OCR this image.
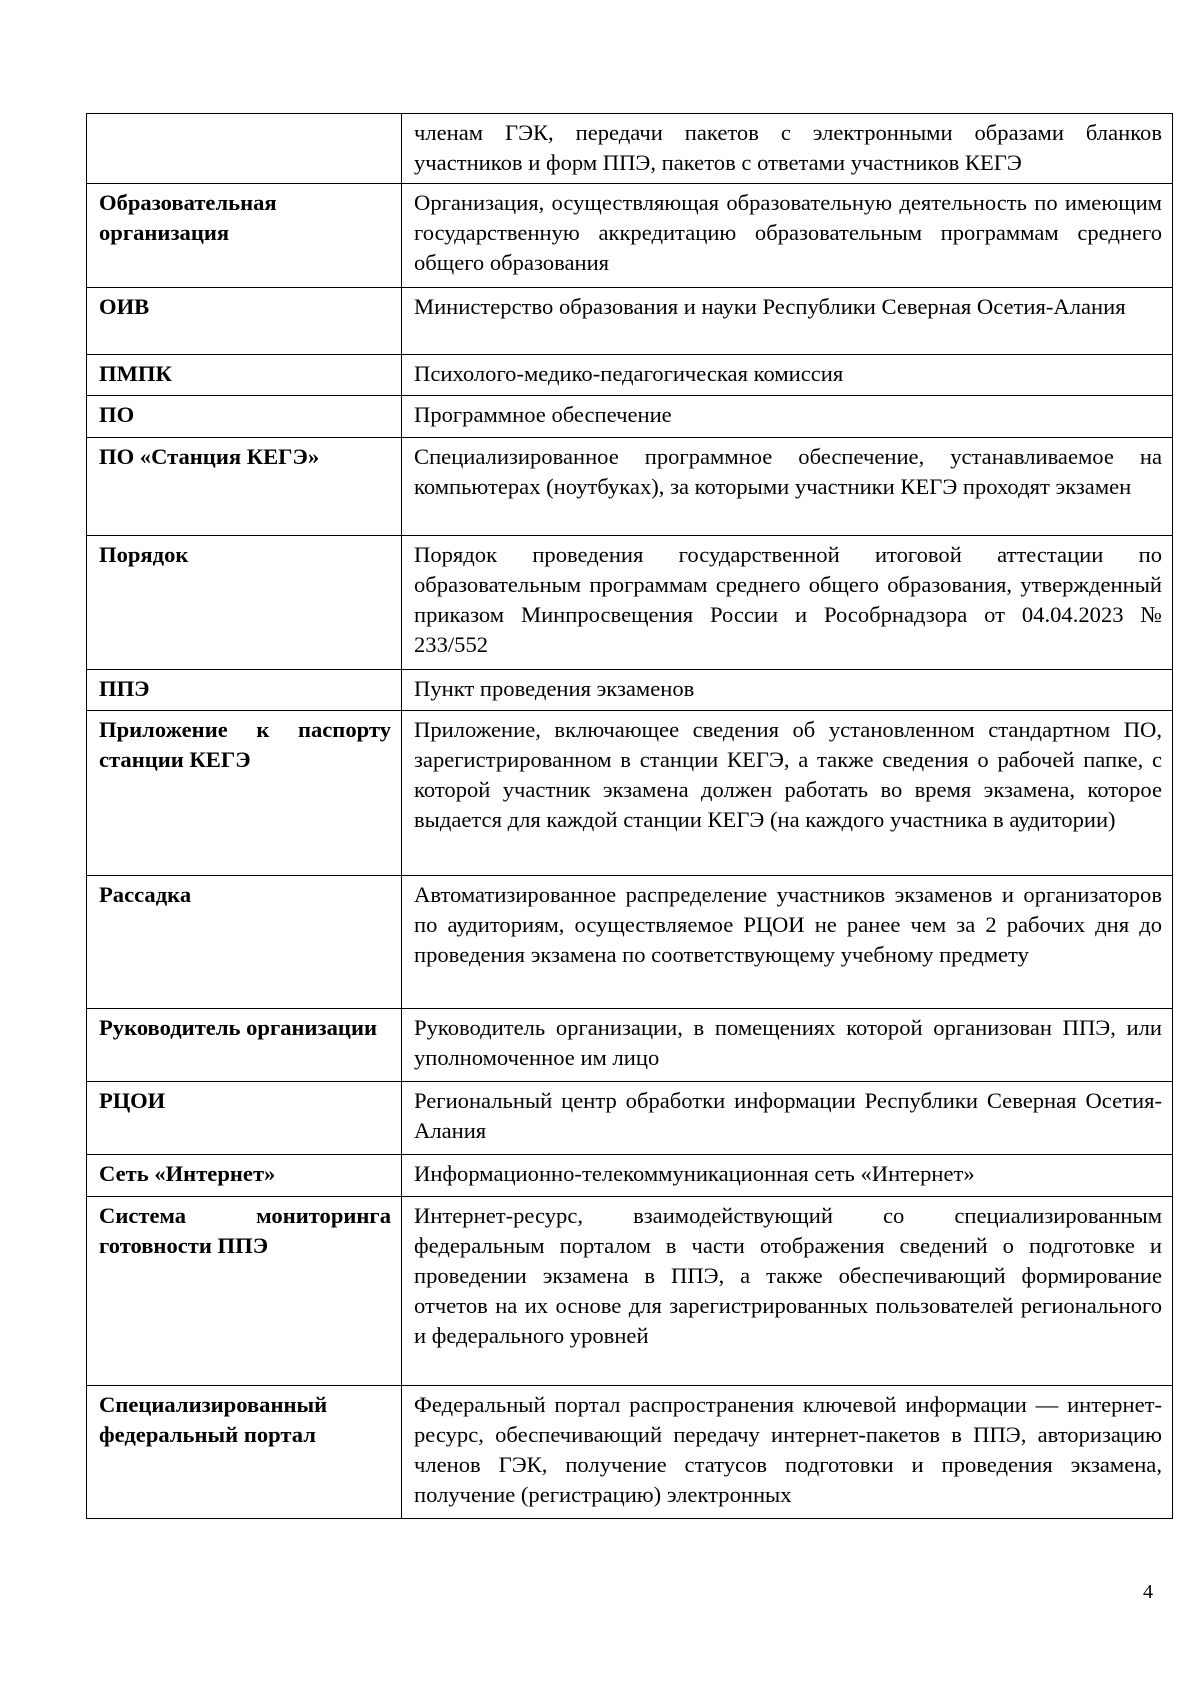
	членам ГЭК, передачи пакетов с электронными образами бланков участников и форм ППЭ, пакетов с ответами участников КЕГЭ
Образовательная организация	Организация, осуществляющая образовательную деятельность по имеющим государственную аккредитацию образовательным программам среднего общего образования
ОИВ	Министерство образования и науки Республики Северная Осетия-Алания
ПМПК	Психолого-медико-педагогическая комиссия
ПО	Программное обеспечение
ПО «Станция КЕГЭ»	Специализированное программное обеспечение, устанавливаемое на компьютерах (ноутбуках), за которыми участники КЕГЭ проходят экзамен
Порядок	Порядок проведения государственной итоговой аттестации по образовательным программам среднего общего образования, утвержденный приказом Минпросвещения России и Рособрнадзора от 04.04.2023 № 233/552
ППЭ	Пункт проведения экзаменов
Приложение к паспорту станции КЕГЭ	Приложение, включающее сведения об установленном стандартном ПО, зарегистрированном в станции КЕГЭ, а также сведения о рабочей папке, с которой участник экзамена должен работать во время экзамена, которое выдается для каждой станции КЕГЭ (на каждого участника в аудитории)
Рассадка	Автоматизированное распределение участников экзаменов и организаторов по аудиториям, осуществляемое РЦОИ не ранее чем за 2 рабочих дня до проведения экзамена по соответствующему учебному предмету
Руководитель организации	Руководитель организации, в помещениях которой организован ППЭ, или уполномоченное им лицо
РЦОИ	Региональный центр обработки информации Республики Северная Осетия-Алания
Сеть «Интернет»	Информационно-телекоммуникационная сеть «Интернет»
Система мониторинга готовности ППЭ	Интернет-ресурс, взаимодействующий со специализированным федеральным порталом в части отображения сведений о подготовке и проведении экзамена в ППЭ, а также обеспечивающий формирование отчетов на их основе для зарегистрированных пользователей регионального и федерального уровней
Специализированный федеральный портал	Федеральный портал распространения ключевой информации — интернет-ресурс, обеспечивающий передачу интернет-пакетов в ППЭ, авторизацию членов ГЭК, получение статусов подготовки и проведения экзамена, получение (регистрацию) электронных
4
